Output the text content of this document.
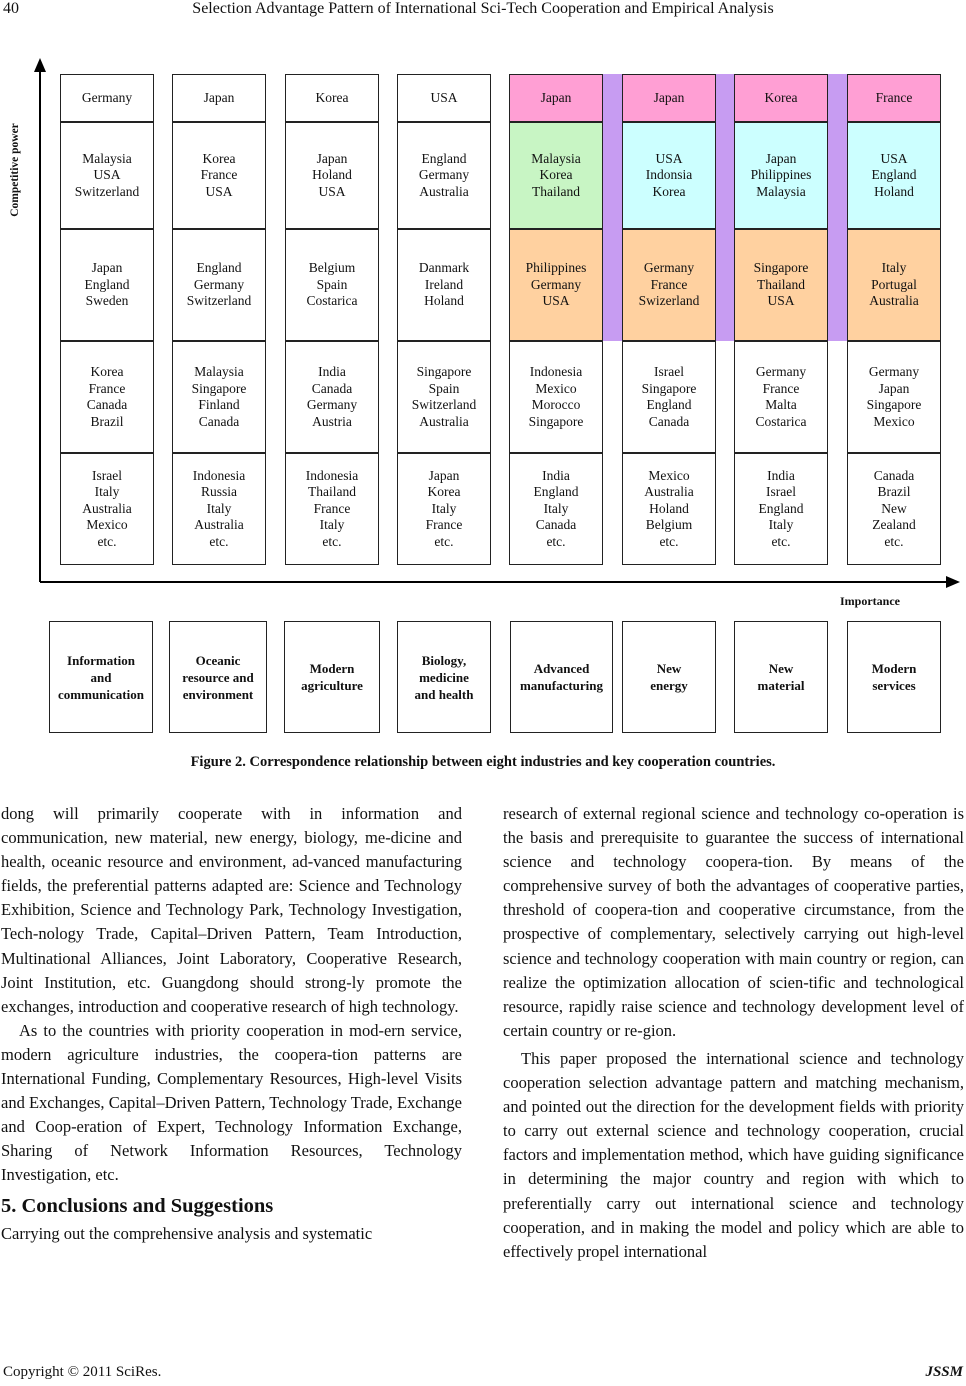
40	Selection Advantage Pattern of International Sci-Tech Cooperation and Empirical Analysis
Competitive power
Importance
Germany
Malaysia
USA
Switzerland
Japan
England
Sweden
Korea
France
Canada
Brazil
Israel
Italy
Australia
Mexico
etc.
Japan
Korea
France
USA
England
Germany
Switzerland
Malaysia
Singapore
Finland
Canada
Indonesia
Russia
Italy
Australia
etc.
Korea
Japan
Holand
USA
Belgium
Spain
Costarica
India
Canada
Germany
Austria
Indonesia
Thailand
France
Italy
etc.
USA
England
Germany
Australia
Danmark
Ireland
Holand
Singapore
Spain
Switzerland
Australia
Japan
Korea
Italy
France
etc.
Japan
Malaysia
Korea
Thailand
Philippines
Germany
USA
Indonesia
Mexico
Morocco
Singapore
India
England
Italy
Canada
etc.
Japan
USA
Indonsia
Korea
Germany
France
Swizerland
Israel
Singapore
England
Canada
Mexico
Australia
Holand
Belgium
etc.
Korea
Japan
Philippines
Malaysia
Singapore
Thailand
USA
Germany
France
Malta
Costarica
India
Israel
England
Italy
etc.
France
USA
England
Holand
Italy
Portugal
Australia
Germany
Japan
Singapore
Mexico
Canada
Brazil
New
Zealand
etc.
Information
and
communication
Oceanic
resource and
environment
Modern
agriculture
Biology,
medicine
and health
Advanced
manufacturing
New
energy
New
material
Modern
services
Figure 2. Correspondence relationship between eight industries and key cooperation countries.

dong will primarily cooperate with in information and communication, new material, new energy, biology, me-dicine and health, oceanic resource and environment, ad-vanced manufacturing fields, the preferential patterns adapted are: Science and Technology Exhibition, Science and Technology Park, Technology Investigation, Tech-nology Trade, Capital–Driven Pattern, Team Introduction, Multinational Alliances, Joint Laboratory, Cooperative Research, Joint Institution, etc. Guangdong should strong-ly promote the exchanges, introduction and cooperative research of high technology.

As to the countries with priority cooperation in mod-ern service, modern agriculture industries, the coopera-tion patterns are International Funding, Complementary Resources, High-level Visits and Exchanges, Capital–Driven Pattern, Technology Trade, Exchange and Coop-eration of Expert, Technology Information Exchange, Sharing of Network Information Resources, Technology Investigation, etc.

5. Conclusions and Suggestions

Carrying out the comprehensive analysis and systematic

research of external regional science and technology co-operation is the basis and prerequisite to guarantee the success of international science and technology coopera-tion. By means of the comprehensive survey of both the advantages of cooperative parties, threshold of coopera-tion and cooperative circumstance, from the prospective of complementary, selectively carrying out high-level science and technology cooperation with main country or region, can realize the optimization allocation of scien-tific and technological resource, rapidly raise science and technology development level of certain country or re-gion.

This paper proposed the international science and technology cooperation selection advantage pattern and matching mechanism, and pointed out the direction for the development fields with priority to carry out external science and technology cooperation, crucial factors and implementation method, which have guiding significance in determining the major country and region with which to preferentially carry out international science and technology cooperation, and in making the model and policy which are able to effectively propel international

Copyright © 2011 SciRes.	JSSM
